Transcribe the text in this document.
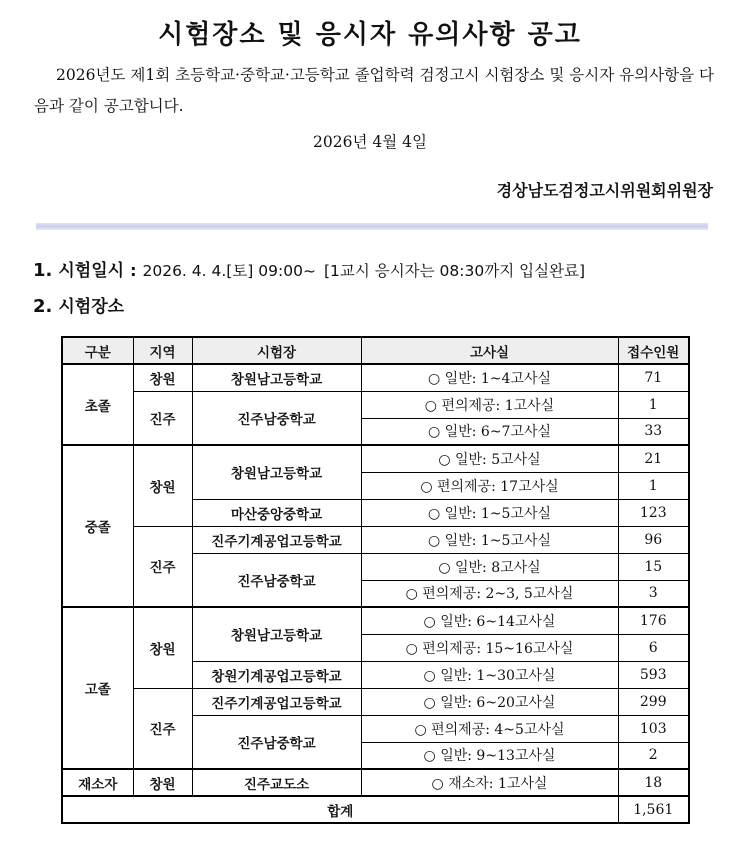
시험장소 및 응시자 유의사항 공고

2026년도 제1회 초등학교·중학교·고등학교 졸업학력 검정고시 시험장소 및 응시자 유의사항을 다음과 같이 공고합니다.

2026년 4월 4일

경상남도검정고시위원회위원장

1. 시험일시 : 2026. 4. 4.[토] 09:00~ [1교시 응시자는 08:30까지 입실완료]

2. 시험장소

구분	지역	시험장	고사실	접수인원
초졸	창원	창원남고등학교	○ 일반: 1~4고사실	71
	진주	진주남중학교	○ 편의제공: 1고사실	1
			○ 일반: 6~7고사실	33
중졸	창원	창원남고등학교	○ 일반: 5고사실	21
			○ 편의제공: 17고사실	1
		마산중앙중학교	○ 일반: 1~5고사실	123
	진주	진주기계공업고등학교	○ 일반: 1~5고사실	96
		진주남중학교	○ 일반: 8고사실	15
			○ 편의제공: 2~3, 5고사실	3
고졸	창원	창원남고등학교	○ 일반: 6~14고사실	176
			○ 편의제공: 15~16고사실	6
		창원기계공업고등학교	○ 일반: 1~30고사실	593
	진주	진주기계공업고등학교	○ 일반: 6~20고사실	299
		진주남중학교	○ 편의제공: 4~5고사실	103
			○ 일반: 9~13고사실	2
재소자	창원	진주교도소	○ 재소자: 1고사실	18
합계				1,561
